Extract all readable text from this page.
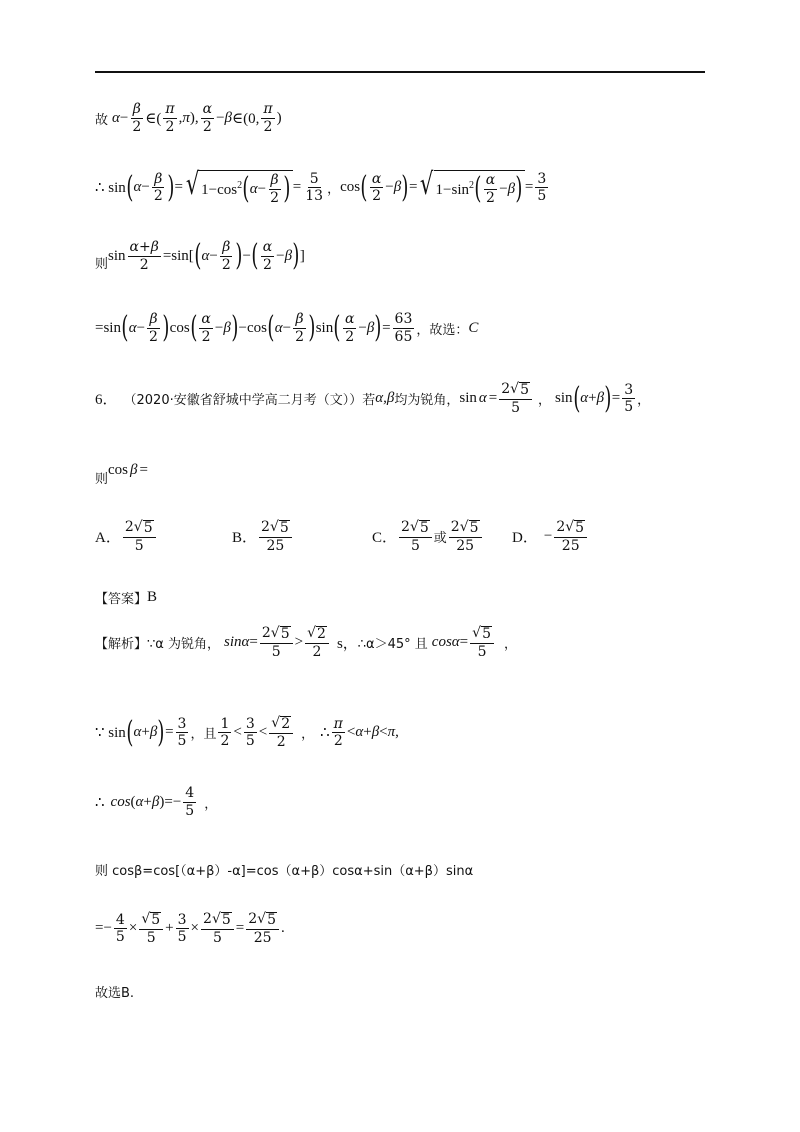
故 $\alpha - \frac{\beta}{2}$ ∈( $\frac{\pi}{2}$ , π ), $\frac{\alpha}{2} - \beta$ ∈(0, $\frac{\pi}{2}$ )
∴ sin ( $\alpha - \frac{\beta}{2}$ ) = √ $1-\cos^2$ ( $\alpha - \frac{\beta}{2}$ ) = $\frac{5}{13}$ ， cos ( $\frac{\alpha}{2} - \beta$ ) = √ $1-\sin^2$ ( $\frac{\alpha}{2} - \beta$ ) = $\frac{3}{5}$
则
$\sin \frac{\alpha+\beta}{2} =\sin$[ ( $\alpha - \frac{\beta}{2}$ ) − ( $\frac{\alpha}{2} - \beta$ ) ]
=sin ( $\alpha - \frac{\beta}{2}$ ) cos ( $\frac{\alpha}{2} - \beta$ ) −cos ( $\alpha - \frac{\beta}{2}$ ) sin ( $\frac{\alpha}{2} - \beta$ ) = $\frac{63}{65}$ ，故选： C
6． （2020·安徽省舒城中学高二月考（文））若 α,β 均为锐角， $\sin \alpha = \frac{2 √ 5}{5}$ ， sin ( α + β ) = $\frac{3}{5}$ ，
则
cos β =
A． $\frac{2 √ 5}{5}$	B． $\frac{2 √ 5}{25}$	C． $\frac{2 √ 5}{5}$ 或 $\frac{2 √ 5}{25}$ D． − $\frac{2 √ 5}{25}$
【答案】 B
【解析】 ∵α 为锐角， $\sin\alpha = \frac{2 √ 5}{5} > \frac{√ 2}{2}$ s， ∴α＞45° 且 $\cos\alpha = \frac{√ 5}{5}$ ，
∵ sin ( α + β ) = $\frac{3}{5}$ ，且 $\frac{1}{2} < \frac{3}{5} < \frac{√ 2}{2}$ ， ∴ $\frac{\pi}{2} < \alpha + \beta < \pi$ ,
∴ cos ( α + β ) =− $\frac{4}{5}$ ，
则 cosβ=cos[（α+β）-α]=cos（α+β）cosα+sin（α+β）sinα
=− $\frac{4}{5} \times \frac{√ 5}{5} + \frac{3}{5} \times \frac{2 √ 5}{5} = \frac{2 √ 5}{25}$ .
故选B.
